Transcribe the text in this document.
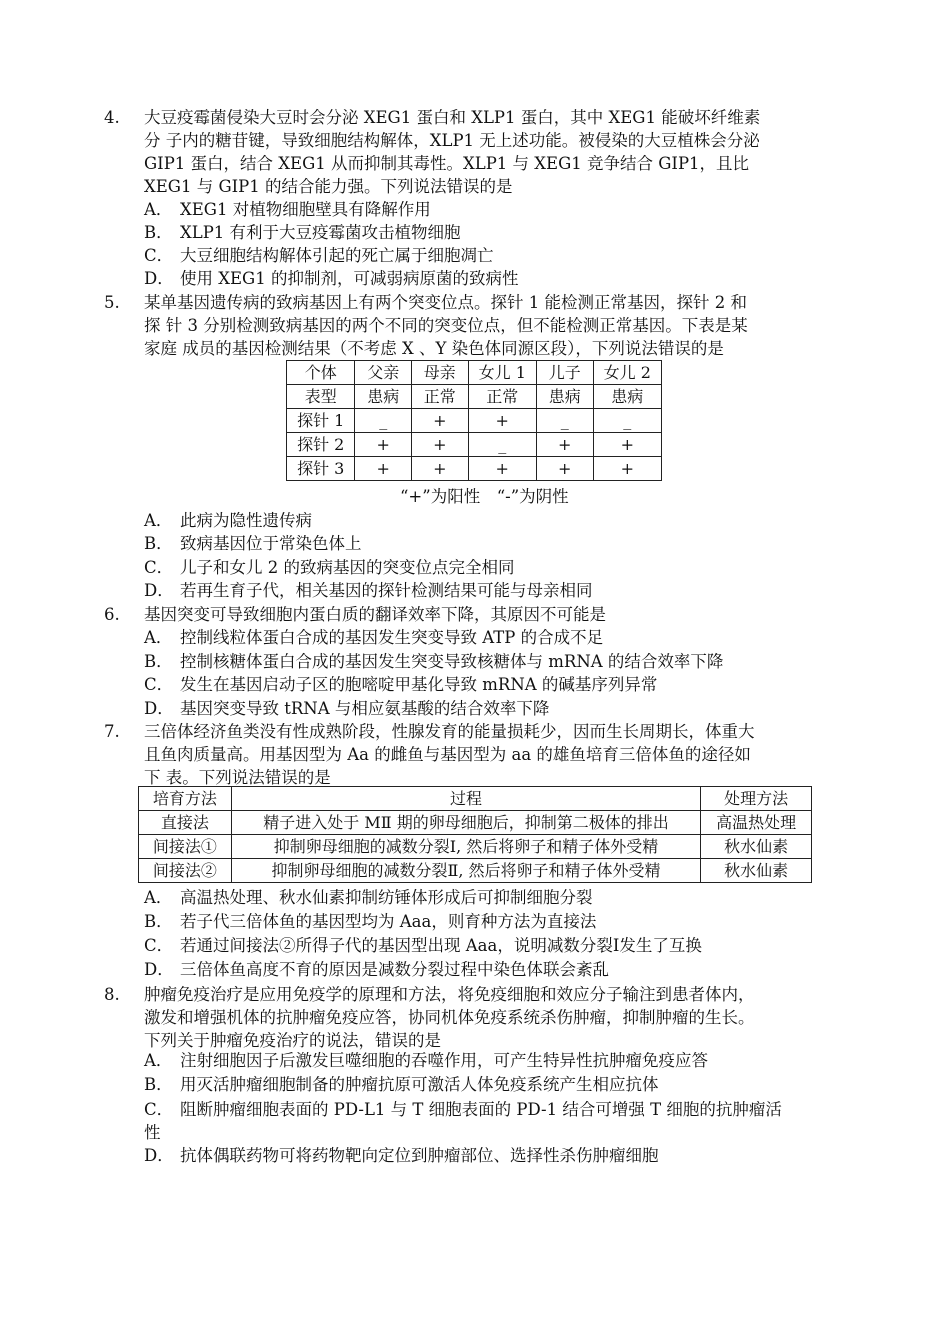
4. 大豆疫霉菌侵染大豆时会分泌 XEG1 蛋白和 XLP1 蛋白，其中 XEG1 能破坏纤维素
分 子内的糖苷键，导致细胞结构解体，XLP1 无上述功能。被侵染的大豆植株会分泌
GIP1 蛋白，结合 XEG1 从而抑制其毒性。XLP1 与 XEG1 竞争结合 GIP1，且比
XEG1 与 GIP1 的结合能力强。下列说法错误的是
A． XEG1 对植物细胞壁具有降解作用
B． XLP1 有利于大豆疫霉菌攻击植物细胞
C． 大豆细胞结构解体引起的死亡属于细胞凋亡
D． 使用 XEG1 的抑制剂，可减弱病原菌的致病性
5. 某单基因遗传病的致病基因上有两个突变位点。探针 1 能检测正常基因，探针 2 和
探 针 3 分别检测致病基因的两个不同的突变位点，但不能检测正常基因。下表是某
家庭 成员的基因检测结果（不考虑 X 、Y 染色体同源区段），下列说法错误的是
个体	父亲	母亲	女儿 1	儿子	女儿 2
表型	患病	正常	正常	患病	患病
探针 1	_	+	+	_	_
探针 2	+	+	_	+	+
探针 3	+	+	+	+	+
“+”为阳性　“-”为阴性
A． 此病为隐性遗传病
B． 致病基因位于常染色体上
C． 儿子和女儿 2 的致病基因的突变位点完全相同
D． 若再生育子代，相关基因的探针检测结果可能与母亲相同
6. 基因突变可导致细胞内蛋白质的翻译效率下降，其原因不可能是
A． 控制线粒体蛋白合成的基因发生突变导致 ATP 的合成不足
B． 控制核糖体蛋白合成的基因发生突变导致核糖体与 mRNA 的结合效率下降
C． 发生在基因启动子区的胞嘧啶甲基化导致 mRNA 的碱基序列异常
D． 基因突变导致 tRNA 与相应氨基酸的结合效率下降
7. 三倍体经济鱼类没有性成熟阶段，性腺发育的能量损耗少，因而生长周期长，体重大
且鱼肉质量高。用基因型为 Aa 的雌鱼与基因型为 aa 的雄鱼培育三倍体鱼的途径如
下 表。下列说法错误的是
培育方法	过程	处理方法
直接法	精子进入处于 MⅡ 期的卵母细胞后，抑制第二极体的排出	高温热处理
间接法①	抑制卵母细胞的减数分裂Ⅰ, 然后将卵子和精子体外受精	秋水仙素
间接法②	抑制卵母细胞的减数分裂Ⅱ, 然后将卵子和精子体外受精	秋水仙素
A． 高温热处理、秋水仙素抑制纺锤体形成后可抑制细胞分裂
B． 若子代三倍体鱼的基因型均为 Aaa，则育种方法为直接法
C． 若通过间接法②所得子代的基因型出现 Aaa，说明减数分裂Ⅰ发生了互换
D． 三倍体鱼高度不育的原因是减数分裂过程中染色体联会紊乱
8. 肿瘤免疫治疗是应用免疫学的原理和方法，将免疫细胞和效应分子输注到患者体内，
激发和增强机体的抗肿瘤免疫应答，协同机体免疫系统杀伤肿瘤，抑制肿瘤的生长。
下列关于肿瘤免疫治疗的说法，错误的是
A． 注射细胞因子后激发巨噬细胞的吞噬作用，可产生特异性抗肿瘤免疫应答
B． 用灭活肿瘤细胞制备的肿瘤抗原可激活人体免疫系统产生相应抗体
C． 阻断肿瘤细胞表面的 PD-L1 与 T 细胞表面的 PD-1 结合可增强 T 细胞的抗肿瘤活
性
D． 抗体偶联药物可将药物靶向定位到肿瘤部位、选择性杀伤肿瘤细胞
